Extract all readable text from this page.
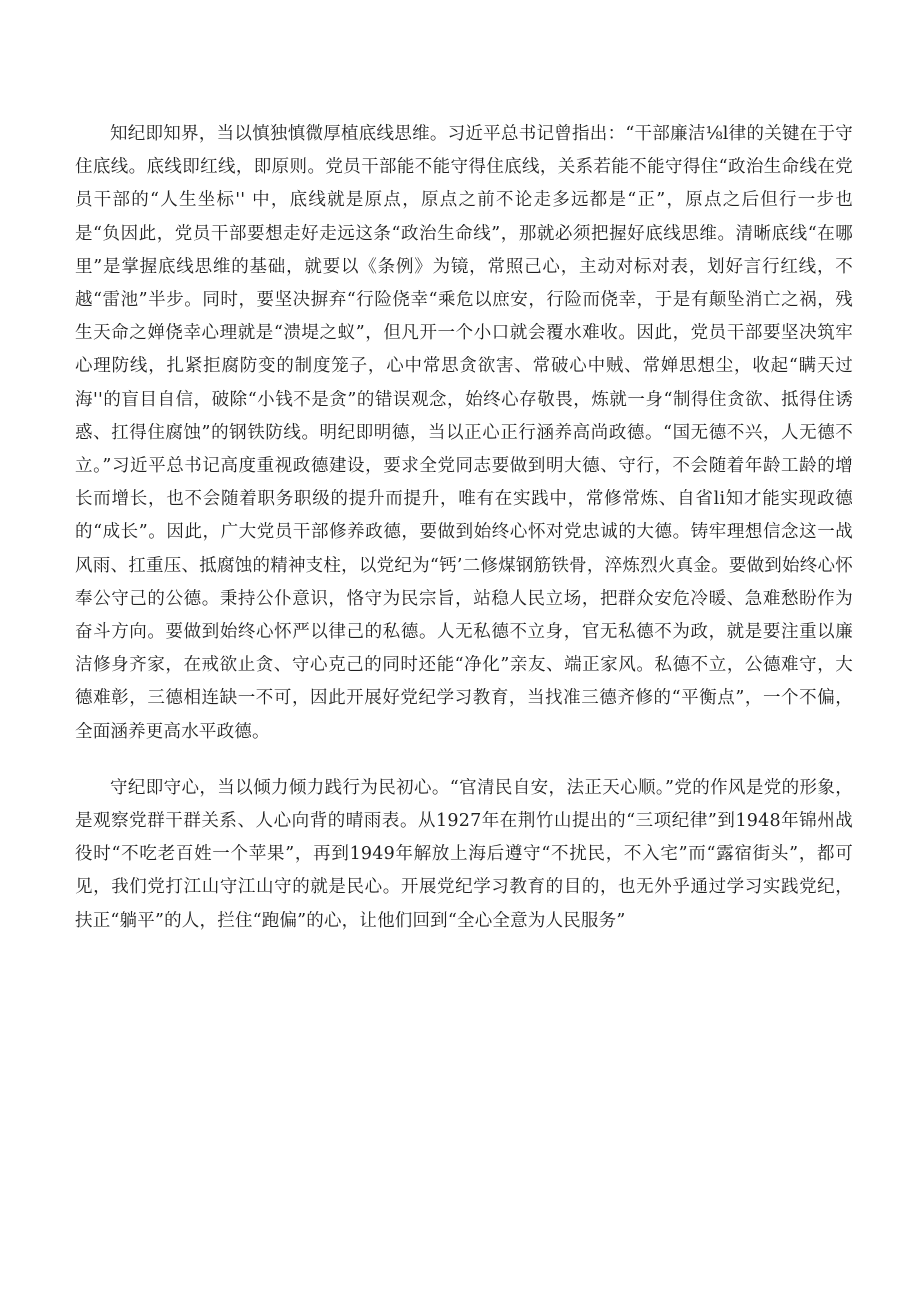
知纪即知界，当以慎独慎微厚植底线思维。习近平总书记曾指出：“干部廉洁⅛l律的关键在于守住底线。底线即红线，即原则。党员干部能不能守得住底线，关系若能不能守得住“政治生命线在党员干部的“人生坐标'' 中，底线就是原点，原点之前不论走多远都是“正”，原点之后但行一步也是“负因此，党员干部要想走好走远这条“政治生命线”，那就必须把握好底线思维。清晰底线“在哪里”是掌握底线思维的基础，就要以《条例》为镜，常照己心，主动对标对表，划好言行红线，不越“雷池”半步。同时，要坚决摒弃“行险侥幸“乘危以庶安，行险而侥幸，于是有颠坠消亡之祸，残生天命之婵侥幸心理就是“溃堤之蚁”，但凡开一个小口就会覆水难收。因此，党员干部要坚决筑牢心理防线，扎紧拒腐防变的制度笼子，心中常思贪欲害、常破心中贼、常婵思想尘，收起“瞒天过海''的盲目自信，破除“小钱不是贪”的错误观念，始终心存敬畏，炼就一身“制得住贪欲、抵得住诱惑、扛得住腐蚀”的钢铁防线。明纪即明德，当以正心正行涵养高尚政德。“国无德不兴，人无德不立。”习近平总书记高度重视政德建设，要求全党同志要做到明大德、守行，不会随着年龄工龄的增长而增长，也不会随着职务职级的提升而提升，唯有在实践中，常修常炼、自省li知才能实现政德的“成长”。因此，广大党员干部修养政德，要做到始终心怀对党忠诚的大德。铸牢理想信念这一战风雨、扛重压、抵腐蚀的精神支柱，以党纪为“钙’二修煤钢筋铁骨，淬炼烈火真金。要做到始终心怀奉公守己的公德。秉持公仆意识，恪守为民宗旨，站稳人民立场，把群众安危冷暖、急难愁盼作为奋斗方向。要做到始终心怀严以律己的私德。人无私德不立身，官无私德不为政，就是要注重以廉洁修身齐家，在戒欲止贪、守心克己的同时还能“净化”亲友、端正家风。私德不立，公德难守，大德难彰，三德相连缺一不可，因此开展好党纪学习教育，当找准三德齐修的“平衡点”，一个不偏，全面涵养更高水平政德。

守纪即守心，当以倾力倾力践行为民初心。“官清民自安，法正天心顺。”党的作风是党的形象，是观察党群干群关系、人心向背的晴雨表。从1927年在荆竹山提出的“三项纪律”到1948年锦州战役时“不吃老百姓一个苹果”，再到1949年解放上海后遵守“不扰民，不入宅”而“露宿街头”，都可见，我们党打江山守江山守的就是民心。开展党纪学习教育的目的，也无外乎通过学习实践党纪，扶正“躺平”的人，拦住“跑偏”的心，让他们回到“全心全意为人民服务”
